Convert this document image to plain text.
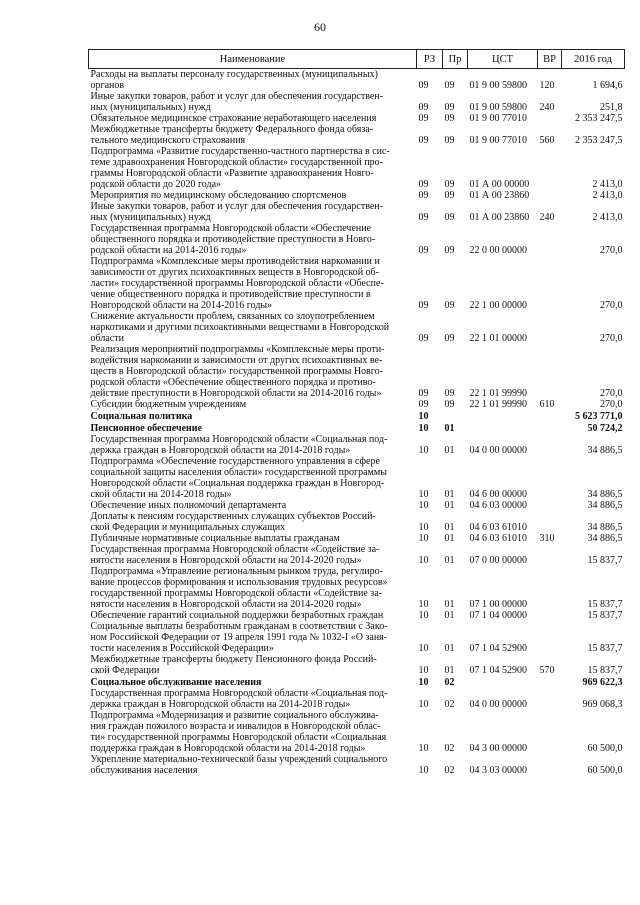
60
Наименование	РЗ	Пр	ЦСТ	ВР	2016 год
Расходы на выплаты персоналу государственных (муниципальных)
органов	09	09	01 9 00 59800	120	1 694,6
Иные закупки товаров, работ и услуг для обеспечения государствен-
ных (муниципальных) нужд	09	09	01 9 00 59800	240	251,8
Обязательное медицинское страхование неработающего населения	09	09	01 9 00 77010		2 353 247,5
Межбюджетные трансферты бюджету Федерального фонда обяза-
тельного медицинского страхования	09	09	01 9 00 77010	560	2 353 247,5
Подпрограмма «Развитие государственно-частного партнерства в сис-
теме здравоохранения Новгородской области» государственной про-
граммы Новгородской области «Развитие здравоохранения Новго-
родской области до 2020 года»	09	09	01 А 00 00000		2 413,0
Мероприятия по медицинскому обследованию спортсменов	09	09	01 А 00 23860		2 413,0
Иные закупки товаров, работ и услуг для обеспечения государствен-
ных (муниципальных) нужд	09	09	01 А 00 23860	240	2 413,0
Государственная программа Новгородской области «Обеспечение
общественного порядка и противодействие преступности в Новго-
родской области на 2014-2016 годы»	09	09	22 0 00 00000		270,0
Подпрограмма «Комплексные меры противодействия наркомании и
зависимости от других психоактивных веществ в Новгородской об-
ласти» государственной программы Новгородской области «Обеспе-
чение общественного порядка и противодействие преступности в
Новгородской области на 2014-2016 годы»	09	09	22 1 00 00000		270,0
Снижение актуальности проблем, связанных со злоупотреблением
наркотиками и другими психоактивными веществами в Новгородской
области	09	09	22 1 01 00000		270,0
Реализация мероприятий подпрограммы «Комплексные меры проти-
водействия наркомании и зависимости от других психоактивных ве-
ществ в Новгородской области» государственной программы Новго-
родской области «Обеспечение общественного порядка и противо-
действие преступности в Новгородской области на 2014-2016 годы»	09	09	22 1 01 99990		270,0
Субсидии бюджетным учреждениям	09	09	22 1 01 99990	610	270,0
Социальная политика	10				5 623 771,0
Пенсионное обеспечение	10	01			50 724,2
Государственная программа Новгородской области «Социальная под-
держка граждан в Новгородской области на 2014-2018 годы»	10	01	04 0 00 00000		34 886,5
Подпрограмма «Обеспечение государственного управления в сфере
социальной защиты населения области» государственной программы
Новгородской области «Социальная поддержка граждан в Новгород-
ской области на 2014-2018 годы»	10	01	04 6 00 00000		34 886,5
Обеспечение иных полномочий департамента	10	01	04 6 03 00000		34 886,5
Доплаты к пенсиям государственных служащих субъектов Россий-
ской Федерации и муниципальных служащих	10	01	04 6 03 61010		34 886,5
Публичные нормативные социальные выплаты гражданам	10	01	04 6 03 61010	310	34 886,5
Государственная программа Новгородской области «Содействие за-
нятости населения в Новгородской области на 2014-2020 годы»	10	01	07 0 00 00000		15 837,7
Подпрограмма «Управление региональным рынком труда, регулиро-
вание процессов формирования и использования трудовых ресурсов»
государственной программы Новгородской области «Содействие за-
нятости населения в Новгородской области на 2014-2020 годы»	10	01	07 1 00 00000		15 837,7
Обеспечение гарантий социальной поддержки безработных граждан	10	01	07 1 04 00000		15 837,7
Социальные выплаты безработным гражданам в соответствии с Зако-
ном Российской Федерации от 19 апреля 1991 года № 1032-I «О заня-
тости населения в Российской Федерации»	10	01	07 1 04 52900		15 837,7
Межбюджетные трансферты бюджету Пенсионного фонда Россий-
ской Федерации	10	01	07 1 04 52900	570	15 837,7
Социальное обслуживание населения	10	02			969 622,3
Государственная программа Новгородской области «Социальная под-
держка граждан в Новгородской области на 2014-2018 годы»	10	02	04 0 00 00000		969 068,3
Подпрограмма «Модернизация и развитие социального обслужива-
ния граждан пожилого возраста и инвалидов в Новгородской облас-
ти» государственной программы Новгородской области «Социальная
поддержка граждан в Новгородской области на 2014-2018 годы»	10	02	04 3 00 00000		60 500,0
Укрепление материально-технической базы учреждений социального
обслуживания населения	10	02	04 3 03 00000		60 500,0
